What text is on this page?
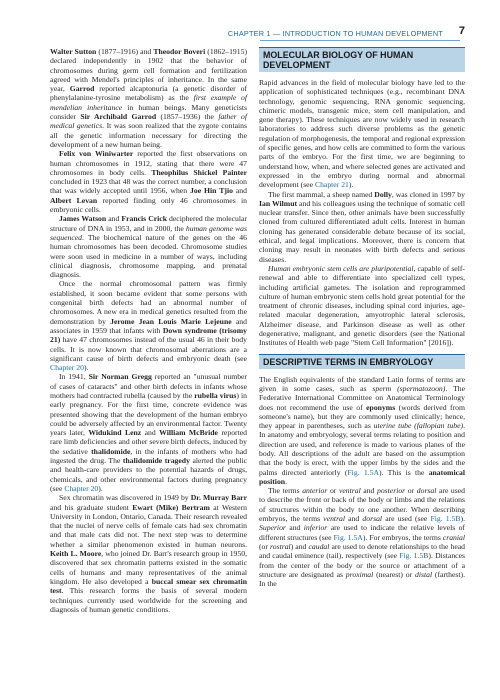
CHAPTER 1 — INTRODUCTION TO HUMAN DEVELOPMENT 7

Walter Sutton (1877–1916) and Theodor Boveri (1862–1915) declared independently in 1902 that the behavior of chromosomes during germ cell formation and fertilization agreed with Mendel's principles of inheritance. In the same year, Garrod reported alcaptonuria (a genetic disorder of phenylalanine-tyrosine metabolism) as the first example of mendelian inheritance in human beings. Many geneticists consider Sir Archibald Garrod (1857–1936) the father of medical genetics. It was soon realized that the zygote contains all the genetic information necessary for directing the development of a new human being.

Felix von Winiwarter reported the first observations on human chromosomes in 1912, stating that there were 47 chromosomes in body cells. Theophilus Shickel Painter concluded in 1923 that 48 was the correct number, a conclusion that was widely accepted until 1956, when Joe Hin Tjio and Albert Levan reported finding only 46 chromosomes in embryonic cells.

James Watson and Francis Crick deciphered the molecular structure of DNA in 1953, and in 2000, the human genome was sequenced. The biochemical nature of the genes on the 46 human chromosomes has been decoded. Chromosome studies were soon used in medicine in a number of ways, including clinical diagnosis, chromosome mapping, and prenatal diagnosis.

Once the normal chromosomal pattern was firmly established, it soon became evident that some persons with congenital birth defects had an abnormal number of chromosomes. A new era in medical genetics resulted from the demonstration by Jerome Jean Louis Marie Lejeune and associates in 1959 that infants with Down syndrome (trisomy 21) have 47 chromosomes instead of the usual 46 in their body cells. It is now known that chromosomal aberrations are a significant cause of birth defects and embryonic death (see Chapter 20).

In 1941, Sir Norman Gregg reported an "unusual number of cases of cataracts" and other birth defects in infants whose mothers had contracted rubella (caused by the rubella virus) in early pregnancy. For the first time, concrete evidence was presented showing that the development of the human embryo could be adversely affected by an environmental factor. Twenty years later, Widukind Lenz and William McBride reported rare limb deficiencies and other severe birth defects, induced by the sedative thalidomide, in the infants of mothers who had ingested the drug. The thalidomide tragedy alerted the public and health-care providers to the potential hazards of drugs, chemicals, and other environmental factors during pregnancy (see Chapter 20).

Sex chromatin was discovered in 1949 by Dr. Murray Barr and his graduate student Ewart (Mike) Bertram at Western University in London, Ontario, Canada. Their research revealed that the nuclei of nerve cells of female cats had sex chromatin and that male cats did not. The next step was to determine whether a similar phenomenon existed in human neurons. Keith L. Moore, who joined Dr. Barr's research group in 1950, discovered that sex chromatin patterns existed in the somatic cells of humans and many representatives of the animal kingdom. He also developed a buccal smear sex chromatin test. This research forms the basis of several modern techniques currently used worldwide for the screening and diagnosis of human genetic conditions.

MOLECULAR BIOLOGY OF HUMAN DEVELOPMENT

Rapid advances in the field of molecular biology have led to the application of sophisticated techniques (e.g., recombinant DNA technology, genomic sequencing, RNA genomic sequencing, chimeric models, transgenic mice, stem cell manipulation, and gene therapy). These techniques are now widely used in research laboratories to address such diverse problems as the genetic regulation of morphogenesis, the temporal and regional expression of specific genes, and how cells are committed to form the various parts of the embryo. For the first time, we are beginning to understand how, when, and where selected genes are activated and expressed in the embryo during normal and abnormal development (see Chapter 21).

The first mammal, a sheep named Dolly, was cloned in 1997 by Ian Wilmut and his colleagues using the technique of somatic cell nuclear transfer. Since then, other animals have been successfully cloned from cultured differentiated adult cells. Interest in human cloning has generated considerable debate because of its social, ethical, and legal implications. Moreover, there is concern that cloning may result in neonates with birth defects and serious diseases.

Human embryonic stem cells are pluripotential, capable of self-renewal and able to differentiate into specialized cell types, including artificial gametes. The isolation and reprogrammed culture of human embryonic stem cells hold great potential for the treatment of chronic diseases, including spinal cord injuries, age-related macular degeneration, amyotrophic lateral sclerosis, Alzheimer disease, and Parkinson disease as well as other degenerative, malignant, and genetic disorders (see the National Institutes of Health web page "Stem Cell Information" [2016]).

DESCRIPTIVE TERMS IN EMBRYOLOGY

The English equivalents of the standard Latin forms of terms are given in some cases, such as sperm (spermatozoon). The Federative International Committee on Anatomical Terminology does not recommend the use of eponyms (words derived from someone's name), but they are commonly used clinically; hence, they appear in parentheses, such as uterine tube (fallopian tube). In anatomy and embryology, several terms relating to position and direction are used, and reference is made to various planes of the body. All descriptions of the adult are based on the assumption that the body is erect, with the upper limbs by the sides and the palms directed anteriorly (Fig. 1.5A). This is the anatomical position.

The terms anterior or ventral and posterior or dorsal are used to describe the front or back of the body or limbs and the relations of structures within the body to one another. When describing embryos, the terms ventral and dorsal are used (see Fig. 1.5B). Superior and inferior are used to indicate the relative levels of different structures (see Fig. 1.5A). For embryos, the terms cranial (or rostral) and caudal are used to denote relationships to the head and caudal eminence (tail), respectively (see Fig. 1.5B). Distances from the center of the body or the source or attachment of a structure are designated as proximal (nearest) or distal (farthest). In the
